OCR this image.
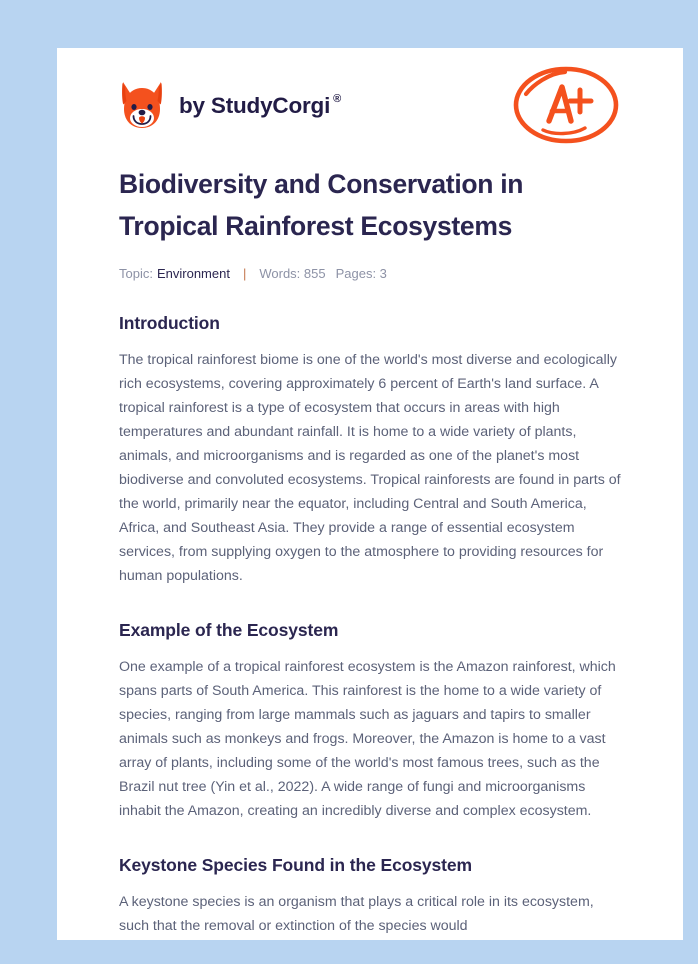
by StudyCorgi ®
Biodiversity and Conservation in Tropical Rainforest Ecosystems
Topic: Environment | Words: 855 Pages: 3
Introduction

The tropical rainforest biome is one of the world's most diverse and ecologically rich ecosystems, covering approximately 6 percent of Earth's land surface. A tropical rainforest is a type of ecosystem that occurs in areas with high temperatures and abundant rainfall. It is home to a wide variety of plants, animals, and microorganisms and is regarded as one of the planet's most biodiverse and convoluted ecosystems. Tropical rainforests are found in parts of the world, primarily near the equator, including Central and South America, Africa, and Southeast Asia. They provide a range of essential ecosystem services, from supplying oxygen to the atmosphere to providing resources for human populations.

Example of the Ecosystem

One example of a tropical rainforest ecosystem is the Amazon rainforest, which spans parts of South America. This rainforest is the home to a wide variety of species, ranging from large mammals such as jaguars and tapirs to smaller animals such as monkeys and frogs. Moreover, the Amazon is home to a vast array of plants, including some of the world's most famous trees, such as the Brazil nut tree (Yin et al., 2022). A wide range of fungi and microorganisms inhabit the Amazon, creating an incredibly diverse and complex ecosystem.

Keystone Species Found in the Ecosystem

A keystone species is an organism that plays a critical role in its ecosystem, such that the removal or extinction of the species would
